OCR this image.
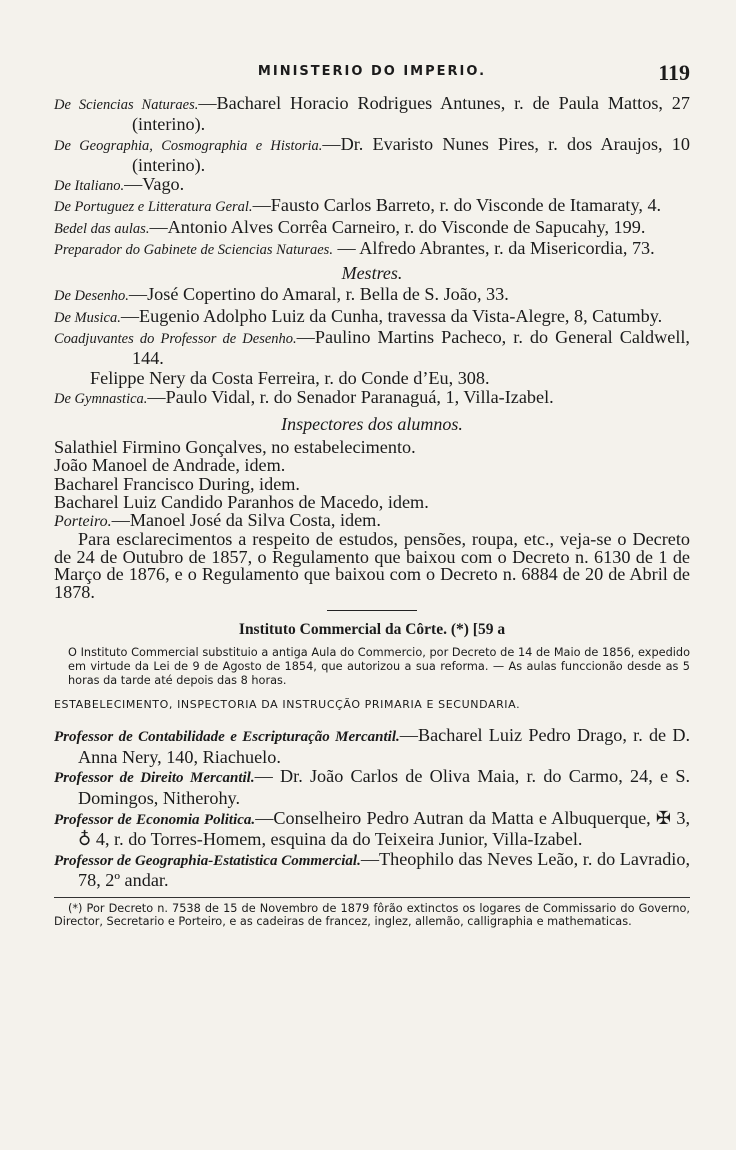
MINISTERIO DO IMPERIO.	119

De Sciencias Naturaes.—Bacharel Horacio Rodrigues Antunes, r. de Paula Mattos, 27 (interino).

De Geographia, Cosmographia e Historia.—Dr. Evaristo Nunes Pires, r. dos Araujos, 10 (interino).

De Italiano.—Vago.

De Portuguez e Litteratura Geral.—Fausto Carlos Barreto, r. do Visconde de Itamaraty, 4.

Bedel das aulas.—Antonio Alves Corrêa Carneiro, r. do Visconde de Sapucahy, 199.

Preparador do Gabinete de Sciencias Naturaes. — Alfredo Abrantes, r. da Misericordia, 73.

Mestres.

De Desenho.—José Copertino do Amaral, r. Bella de S. João, 33.

De Musica.—Eugenio Adolpho Luiz da Cunha, travessa da Vista-Alegre, 8, Catumby.

Coadjuvantes do Professor de Desenho.—Paulino Martins Pacheco, r. do General Caldwell, 144.

Felippe Nery da Costa Ferreira, r. do Conde d’Eu, 308.

De Gymnastica.—Paulo Vidal, r. do Senador Paranaguá, 1, Villa-Izabel.

Inspectores dos alumnos.

Salathiel Firmino Gonçalves, no estabelecimento.

João Manoel de Andrade, idem.

Bacharel Francisco During, idem.

Bacharel Luiz Candido Paranhos de Macedo, idem.

Porteiro.—Manoel José da Silva Costa, idem.

Para esclarecimentos a respeito de estudos, pensões, roupa, etc., veja-se o Decreto de 24 de Outubro de 1857, o Regulamento que baixou com o Decreto n. 6130 de 1 de Março de 1876, e o Regulamento que baixou com o Decreto n. 6884 de 20 de Abril de 1878.

Instituto Commercial da Côrte. (*) [59 a

O Instituto Commercial substituio a antiga Aula do Commercio, por Decreto de 14 de Maio de 1856, expedido em virtude da Lei de 9 de Agosto de 1854, que autorizou a sua reforma. — As aulas funccionão desde as 5 horas da tarde até depois das 8 horas.

ESTABELECIMENTO, INSPECTORIA DA INSTRUCÇÃO PRIMARIA E SECUNDARIA.

Professor de Contabilidade e Escripturação Mercantil.—Bacharel Luiz Pedro Drago, r. de D. Anna Nery, 140, Riachuelo.

Professor de Direito Mercantil.— Dr. João Carlos de Oliva Maia, r. do Carmo, 24, e S. Domingos, Nitherohy.

Professor de Economia Politica.—Conselheiro Pedro Autran da Matta e Albuquerque, ✠ 3, ♁ 4, r. do Torres-Homem, esquina da do Teixeira Junior, Villa-Izabel.

Professor de Geographia-Estatistica Commercial.—Theophilo das Neves Leão, r. do Lavradio, 78, 2º andar.

(*) Por Decreto n. 7538 de 15 de Novembro de 1879 fôrão extinctos os logares de Commissario do Governo, Director, Secretario e Porteiro, e as cadeiras de francez, inglez, allemão, calligraphia e mathematicas.
